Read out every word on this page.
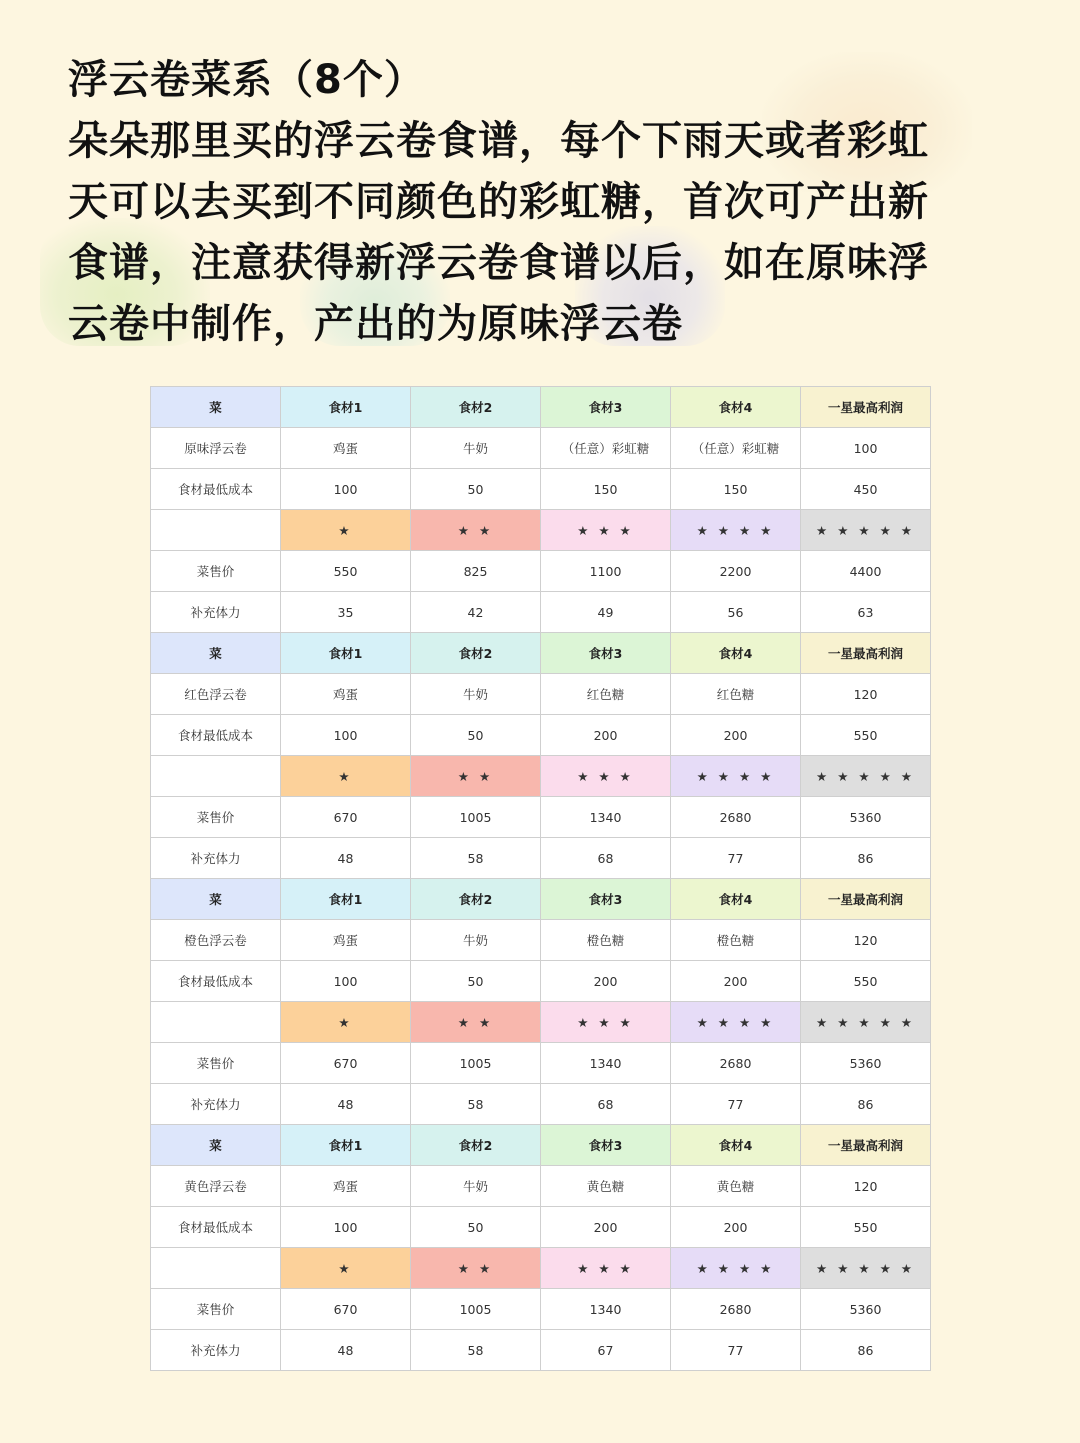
浮云卷菜系（8个）
朵朵那里买的浮云卷食谱，每个下雨天或者彩虹
天可以去买到不同颜色的彩虹糖，首次可产出新
食谱，注意获得新浮云卷食谱以后，如在原味浮
云卷中制作，产出的为原味浮云卷
菜	食材1	食材2	食材3	食材4	一星最高利润
原味浮云卷	鸡蛋	牛奶	（任意）彩虹糖	（任意）彩虹糖	100
食材最低成本	100	50	150	150	450
	★	★ ★	★ ★ ★	★ ★ ★ ★	★ ★ ★ ★ ★
菜售价	550	825	1100	2200	4400
补充体力	35	42	49	56	63
菜	食材1	食材2	食材3	食材4	一星最高利润
红色浮云卷	鸡蛋	牛奶	红色糖	红色糖	120
食材最低成本	100	50	200	200	550
	★	★ ★	★ ★ ★	★ ★ ★ ★	★ ★ ★ ★ ★
菜售价	670	1005	1340	2680	5360
补充体力	48	58	68	77	86
菜	食材1	食材2	食材3	食材4	一星最高利润
橙色浮云卷	鸡蛋	牛奶	橙色糖	橙色糖	120
食材最低成本	100	50	200	200	550
	★	★ ★	★ ★ ★	★ ★ ★ ★	★ ★ ★ ★ ★
菜售价	670	1005	1340	2680	5360
补充体力	48	58	68	77	86
菜	食材1	食材2	食材3	食材4	一星最高利润
黄色浮云卷	鸡蛋	牛奶	黄色糖	黄色糖	120
食材最低成本	100	50	200	200	550
	★	★ ★	★ ★ ★	★ ★ ★ ★	★ ★ ★ ★ ★
菜售价	670	1005	1340	2680	5360
补充体力	48	58	67	77	86
